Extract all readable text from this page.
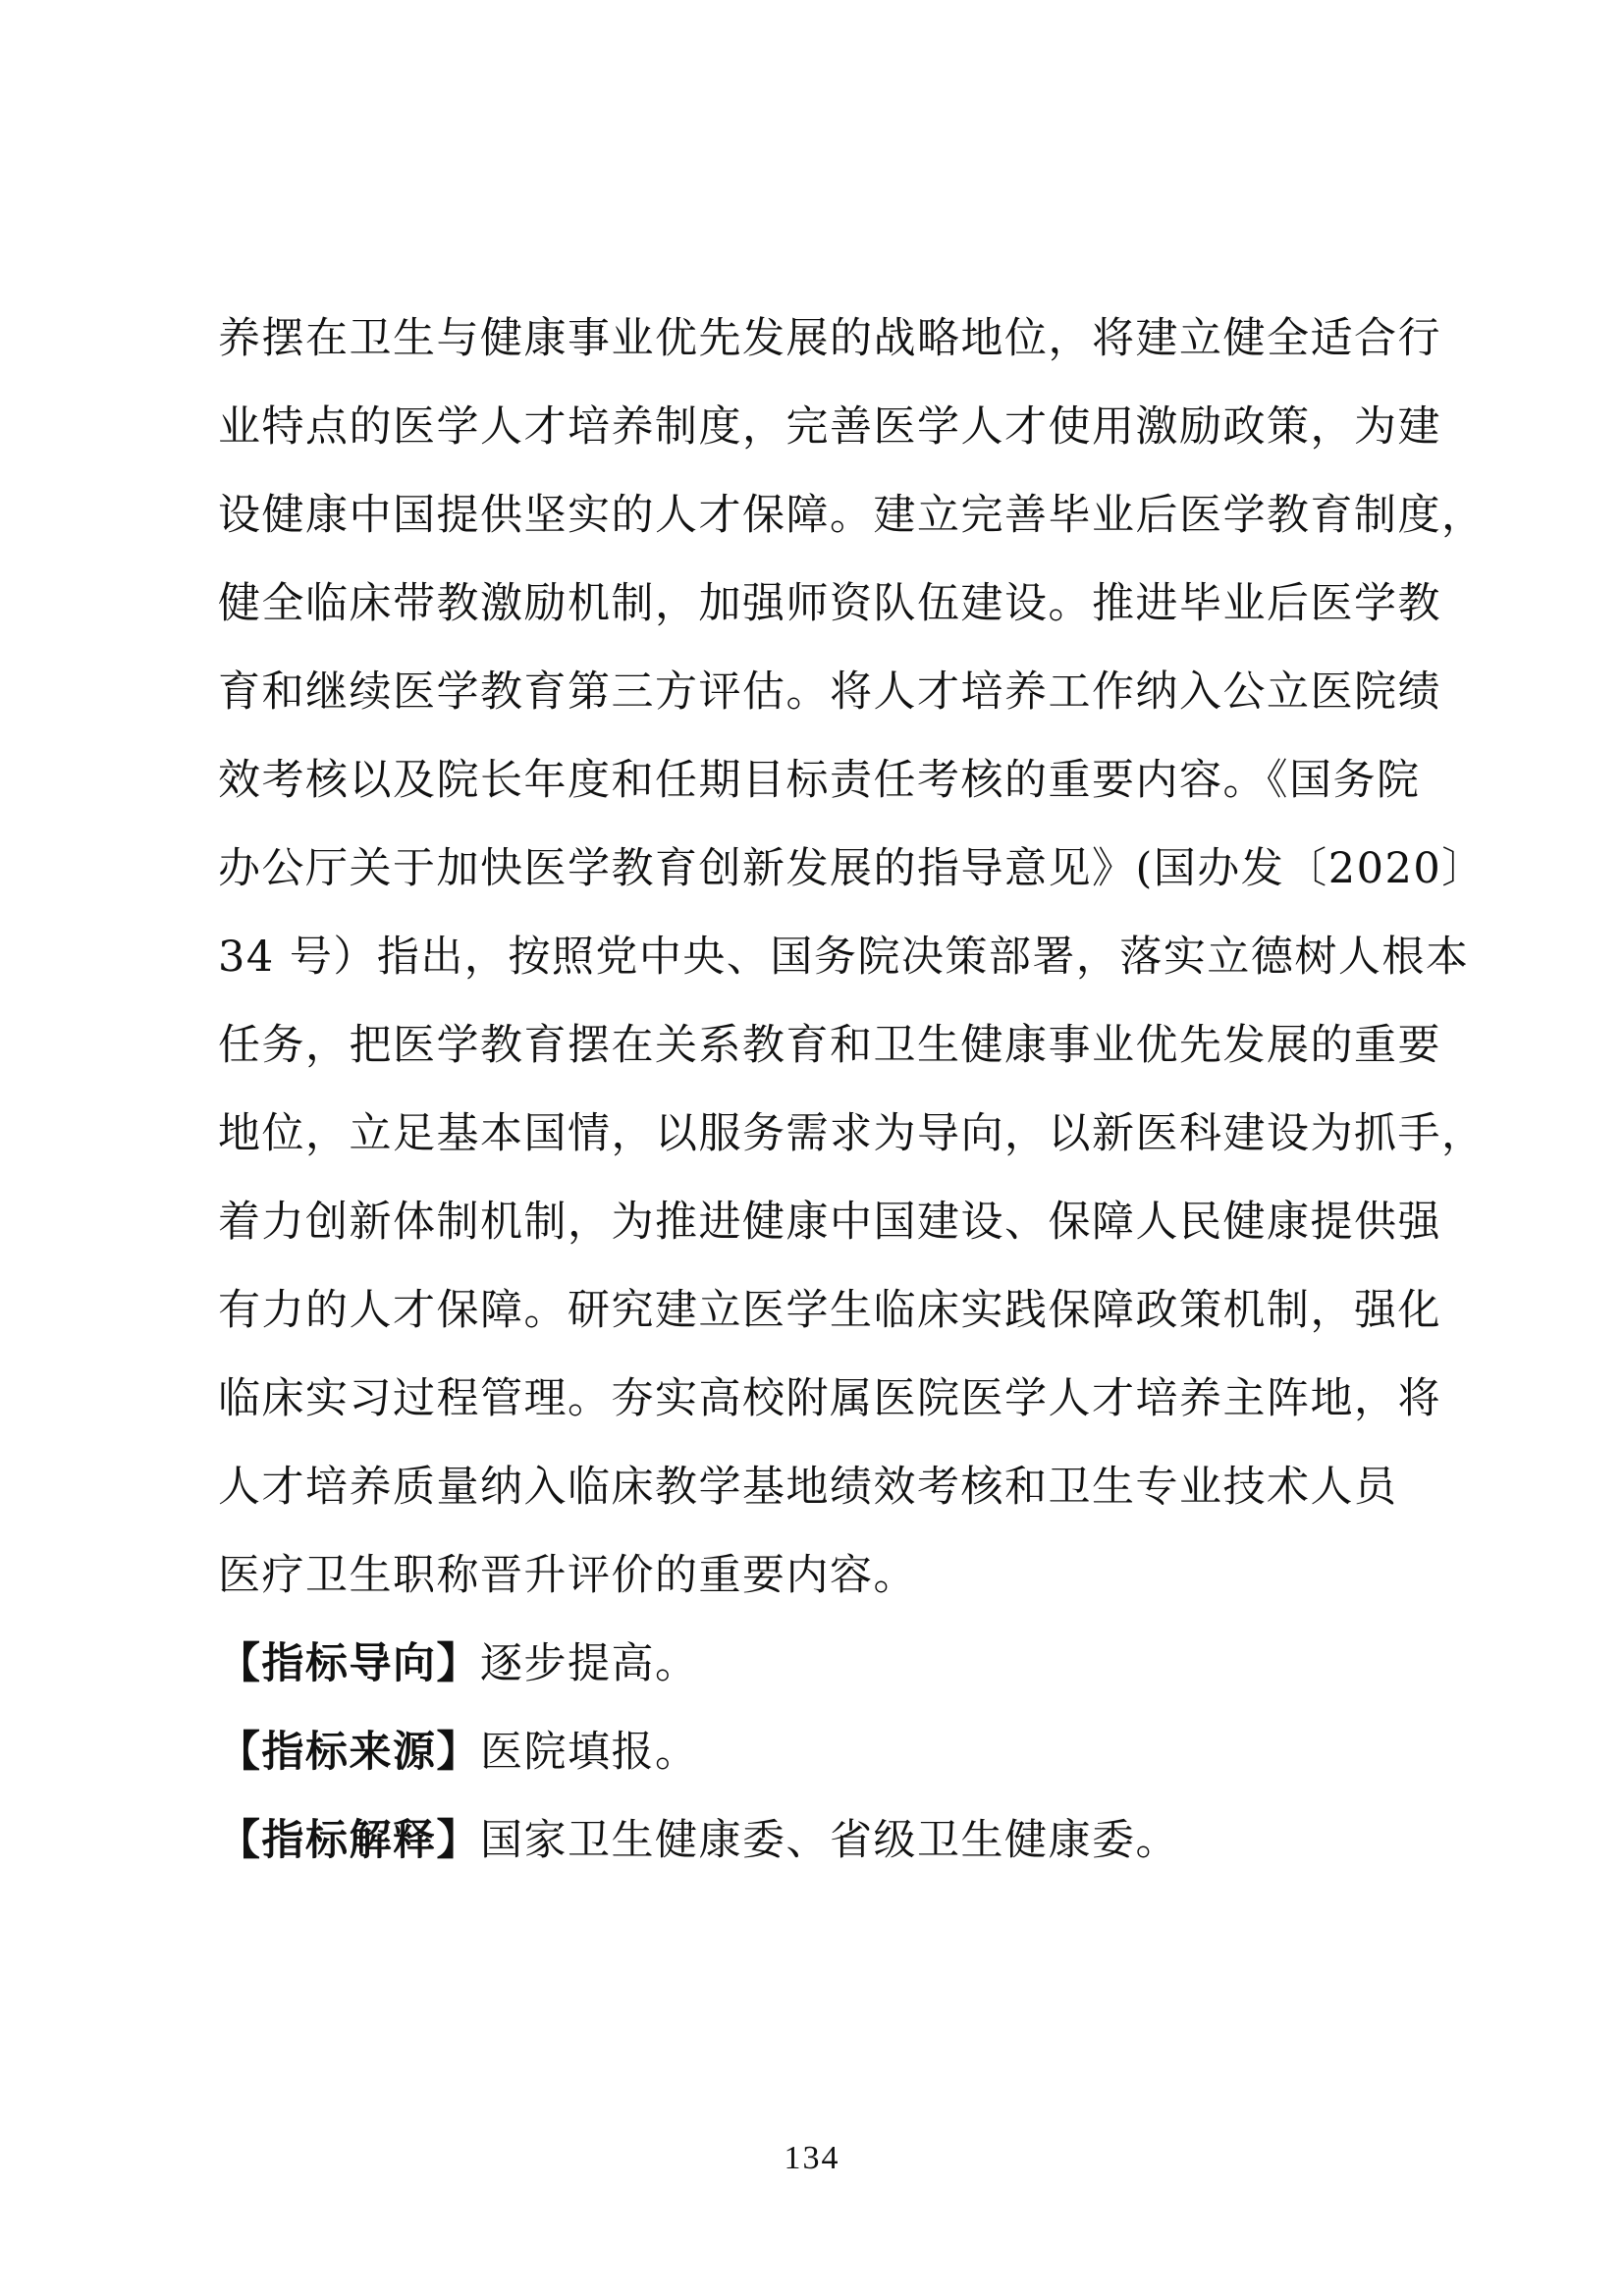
养摆在卫生与健康事业优先发展的战略地位，将建立健全适合行
业特点的医学人才培养制度，完善医学人才使用激励政策，为建
设健康中国提供坚实的人才保障。建立完善毕业后医学教育制度，
健全临床带教激励机制，加强师资队伍建设。推进毕业后医学教
育和继续医学教育第三方评估。将人才培养工作纳入公立医院绩
效考核以及院长年度和任期目标责任考核的重要内容。《国务院
办公厅关于加快医学教育创新发展的指导意见》(国办发〔2020〕
34 号）指出，按照党中央、国务院决策部署，落实立德树人根本
任务，把医学教育摆在关系教育和卫生健康事业优先发展的重要
地位，立足基本国情，以服务需求为导向，以新医科建设为抓手，
着力创新体制机制，为推进健康中国建设、保障人民健康提供强
有力的人才保障。研究建立医学生临床实践保障政策机制，强化
临床实习过程管理。夯实高校附属医院医学人才培养主阵地，将
人才培养质量纳入临床教学基地绩效考核和卫生专业技术人员
医疗卫生职称晋升评价的重要内容。
【指标导向】逐步提高。
【指标来源】医院填报。
【指标解释】国家卫生健康委、省级卫生健康委。
134
